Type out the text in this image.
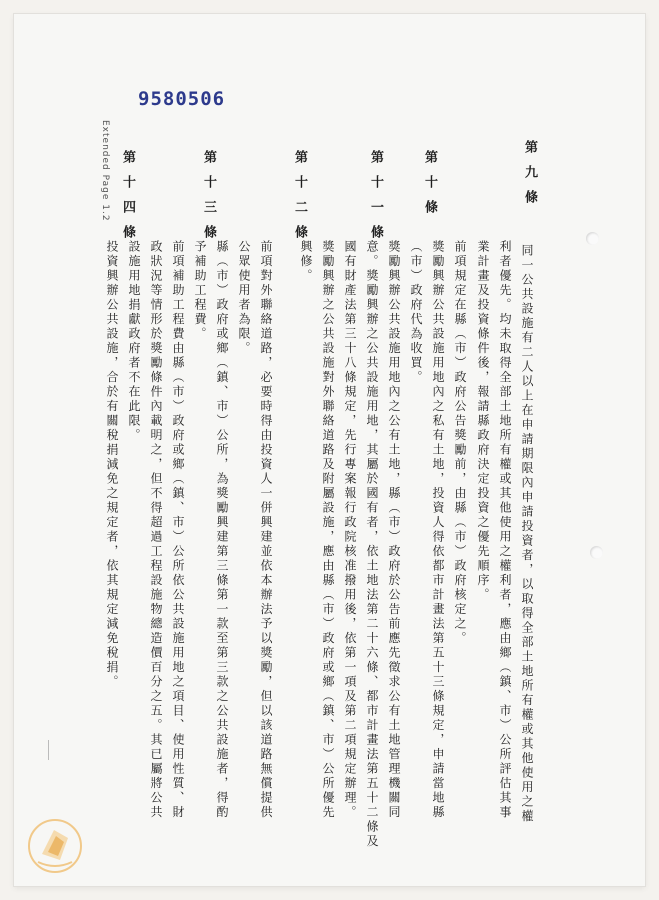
9580506
Extended Page 1.2	第九條
第十條
第十一條
第十二條
第十三條
第十四條
同一公共設施有二人以上在申請期限內申請投資者，以取得全部土地所有權或其他使用之權
利者優先。均未取得全部土地所有權或其他使用之權利者，應由鄉（鎮、市）公所評估其事
業計畫及投資條件後，報請縣政府決定投資之優先順序。
前項規定在縣（市）政府公告獎勵前，由縣（市）政府核定之。
獎勵興辦公共設施用地內之私有土地，投資人得依都市計畫法第五十三條規定，申請當地縣
（市）政府代為收買。
獎勵興辦公共設施用地內之公有土地，縣（市）政府於公告前應先徵求公有土地管理機關同
意。獎勵興辦之公共設施用地，其屬於國有者，依土地法第二十六條、都市計畫法第五十二條及
國有財產法第三十八條規定，先行專案報行政院核准撥用後，依第一項及第二項規定辦理。
獎勵興辦之公共設施對外聯絡道路及附屬設施，應由縣（市）政府或鄉（鎮、市）公所優先
興修。
前項對外聯絡道路，必要時得由投資人一併興建並依本辦法予以獎勵，但以該道路無償提供
公眾使用者為限。
縣（市）政府或鄉（鎮、市）公所，為獎勵興建第三條第一款至第三款之公共設施者，得酌
予補助工程費。
前項補助工程費由縣（市）政府或鄉（鎮、市）公所依公共設施用地之項目、使用性質、財
政狀況等情形於獎勵條件內載明之，但不得超過工程設施物總造價百分之五。其已屬將公共
設施用地捐獻政府者不在此限。
投資興辦公共設施，合於有關稅捐減免之規定者，依其規定減免稅捐。
